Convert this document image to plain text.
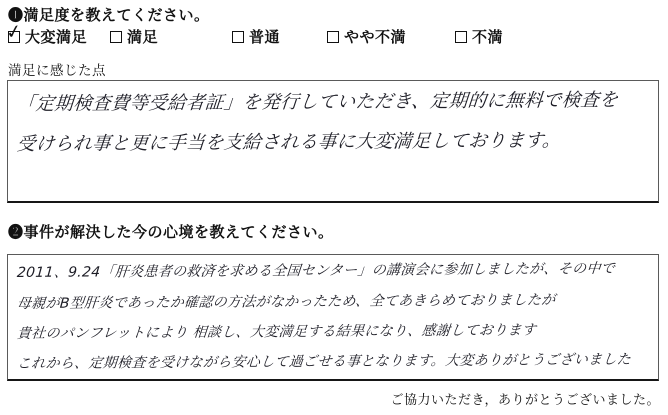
❶満足度を教えてください。
✓ 大変満足	満足	普通	やや不満	不満
満足に感じた点
「定期検査費等受給者証」を発行していただき、定期的に無料で検査を
受けられ事と更に手当を支給される事に大変満足しております。
❷事件が解決した今の心境を教えてください。
2011、9.24「肝炎患者の救済を求める全国センター」の講演会に参加しましたが、その中で
母親がB型肝炎であったか確認の方法がなかったため、全てあきらめておりましたが
貴社のパンフレットにより 相談し、大変満足する結果になり、感謝しております
これから、定期検査を受けながら安心して過ごせる事となります。大変ありがとうございました
ご協力いただき，ありがとうございました。
